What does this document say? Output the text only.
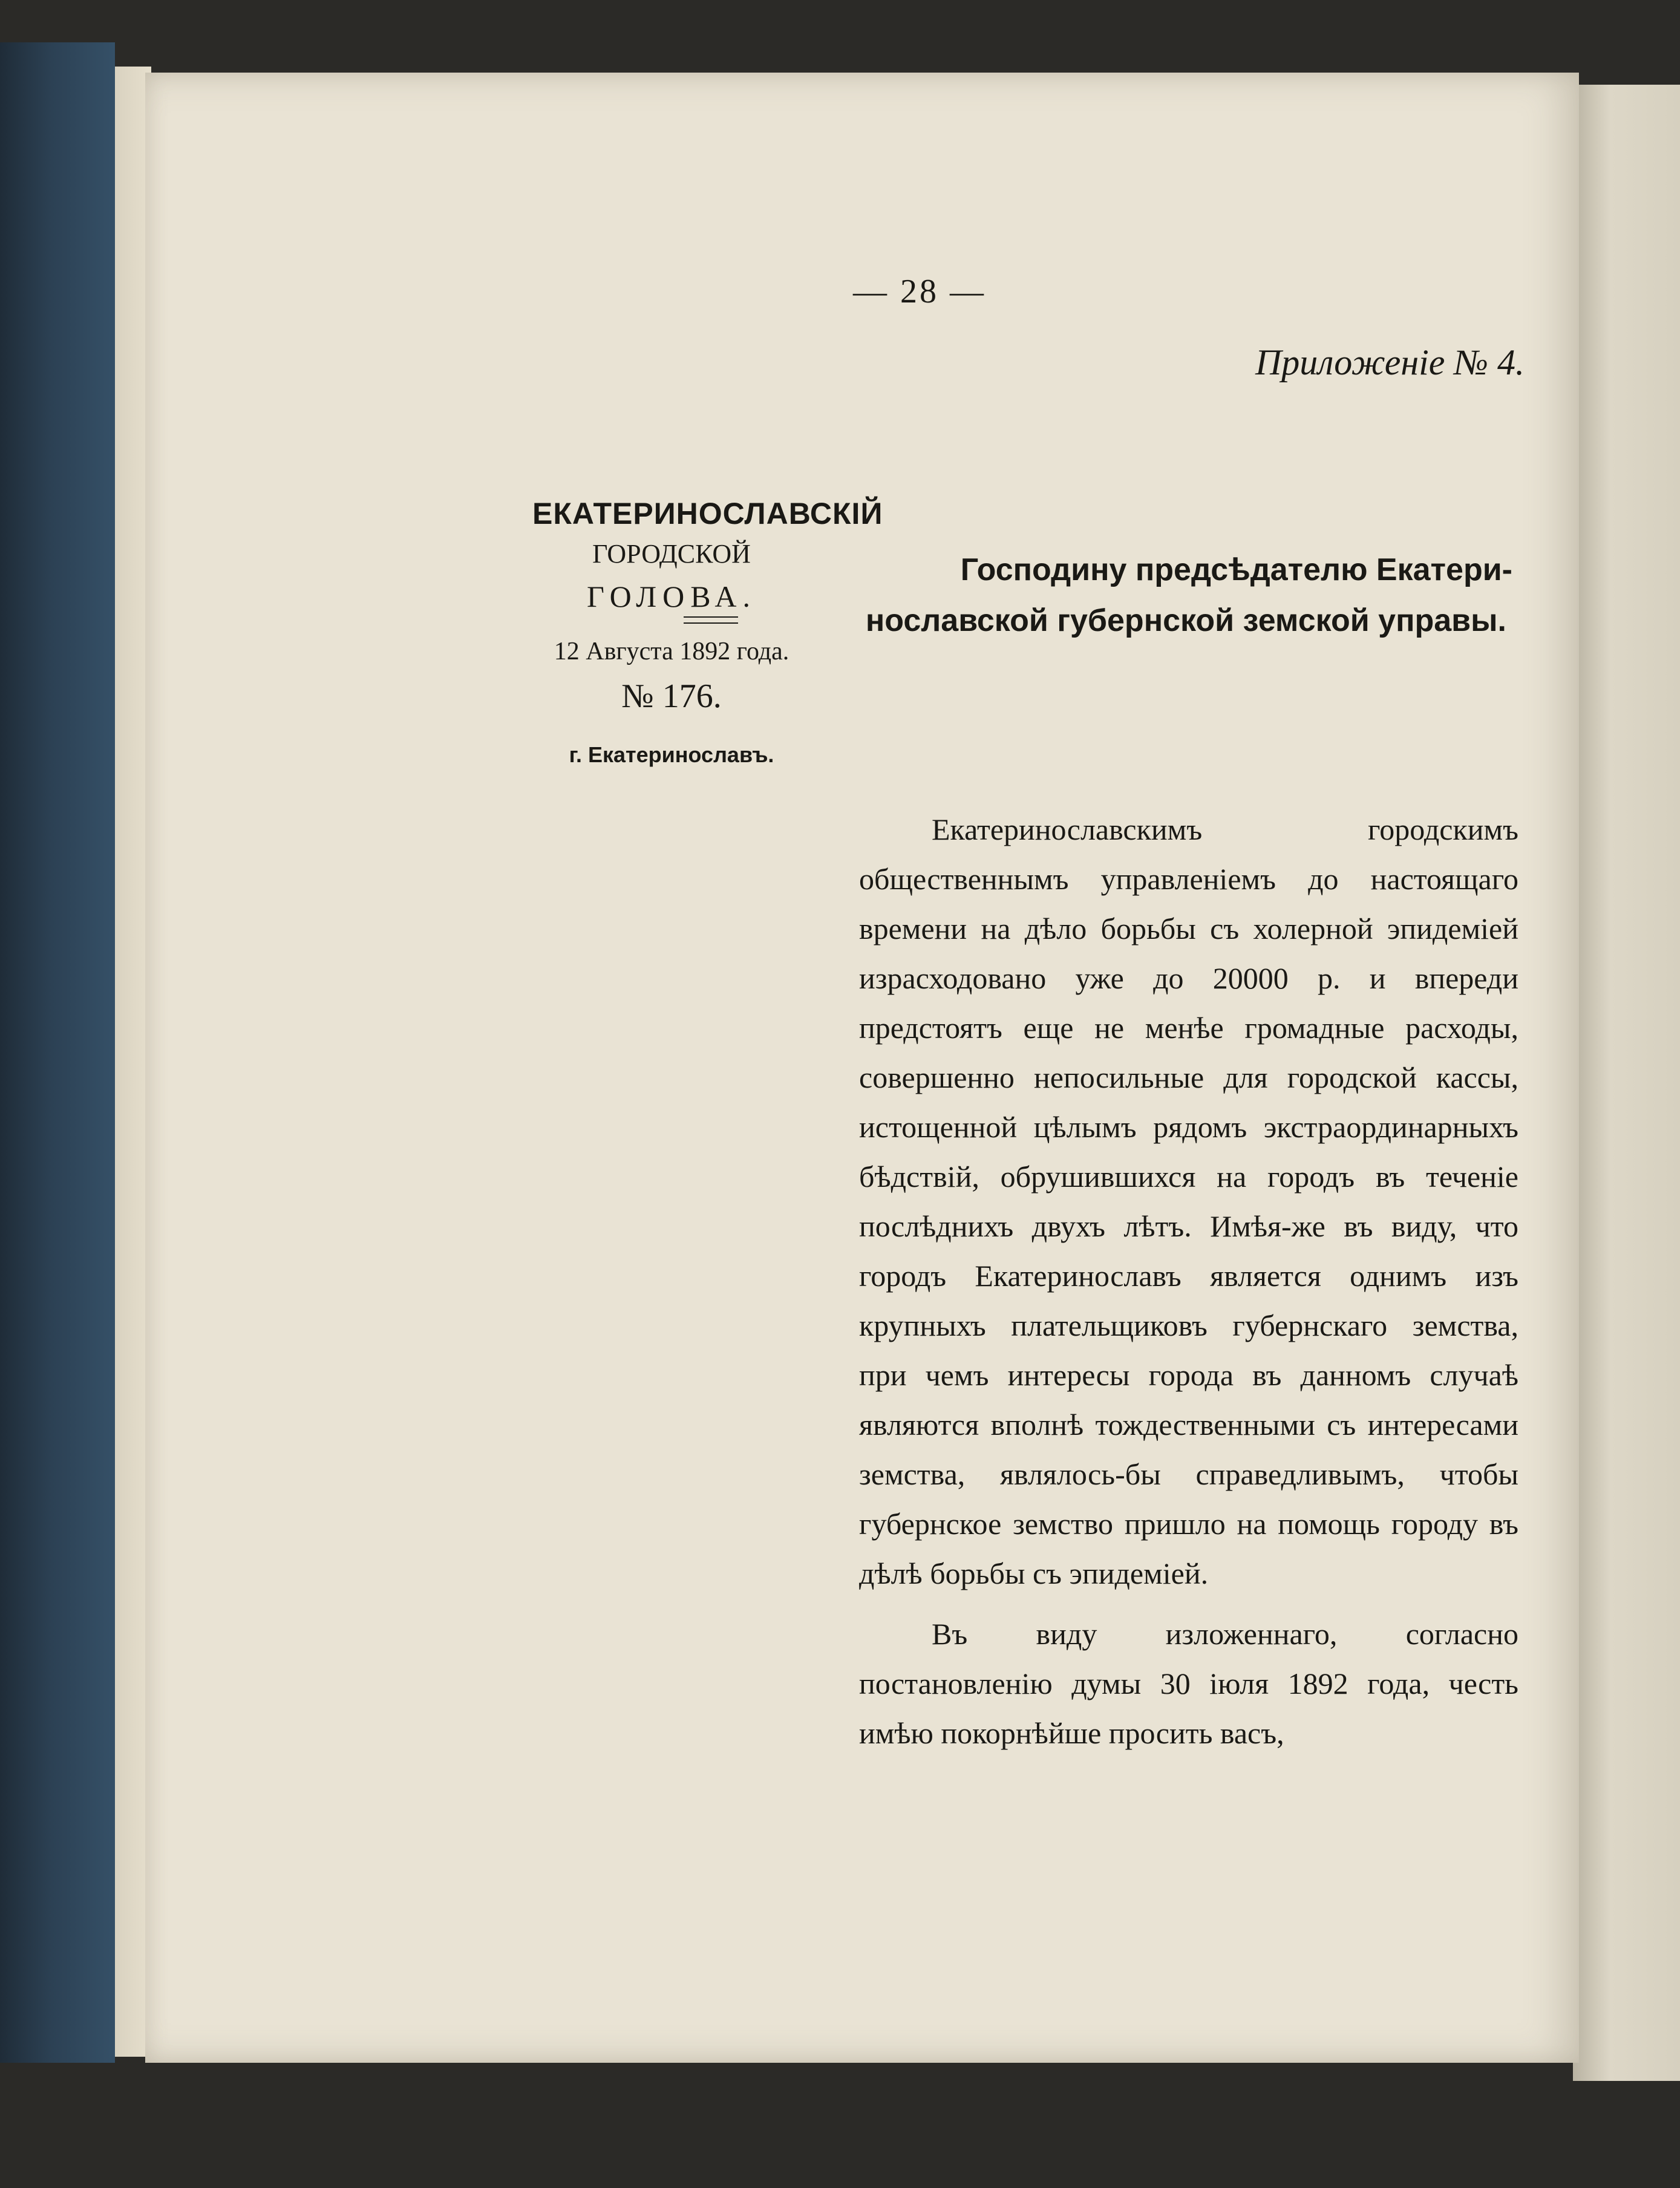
— 28 —
Приложеніе № 4.
ЕКАТЕРИНОСЛАВСКІЙ
ГОРОДСКОЙ
ГОЛОВА.
12 Августа 1892 года.
№ 176.
г. Екатеринославъ.
Господину предсѣдателю Екатери-
нославской губернской земской управы.

Екатеринославскимъ городскимъ общественнымъ управленіемъ до настоящаго времени на дѣло борьбы съ холерной эпидеміей израсходовано уже до 20000 р. и впереди предстоятъ еще не менѣе громадные расходы, совершенно непосильные для городской кассы, истощенной цѣлымъ рядомъ экстраординарныхъ бѣдствій, обрушившихся на городъ въ теченіе послѣднихъ двухъ лѣтъ. Имѣя-же въ виду, что городъ Екатеринославъ является однимъ изъ крупныхъ плательщиковъ губернскаго земства, при чемъ интересы города въ данномъ случаѣ являются вполнѣ тождественными съ интересами земства, являлось-бы справедливымъ, чтобы губернское земство пришло на помощь городу въ дѣлѣ борьбы съ эпидеміей.

Въ виду изложеннаго, согласно постановленію думы 30 іюля 1892 года, честь имѣю покорнѣйше просить васъ,
